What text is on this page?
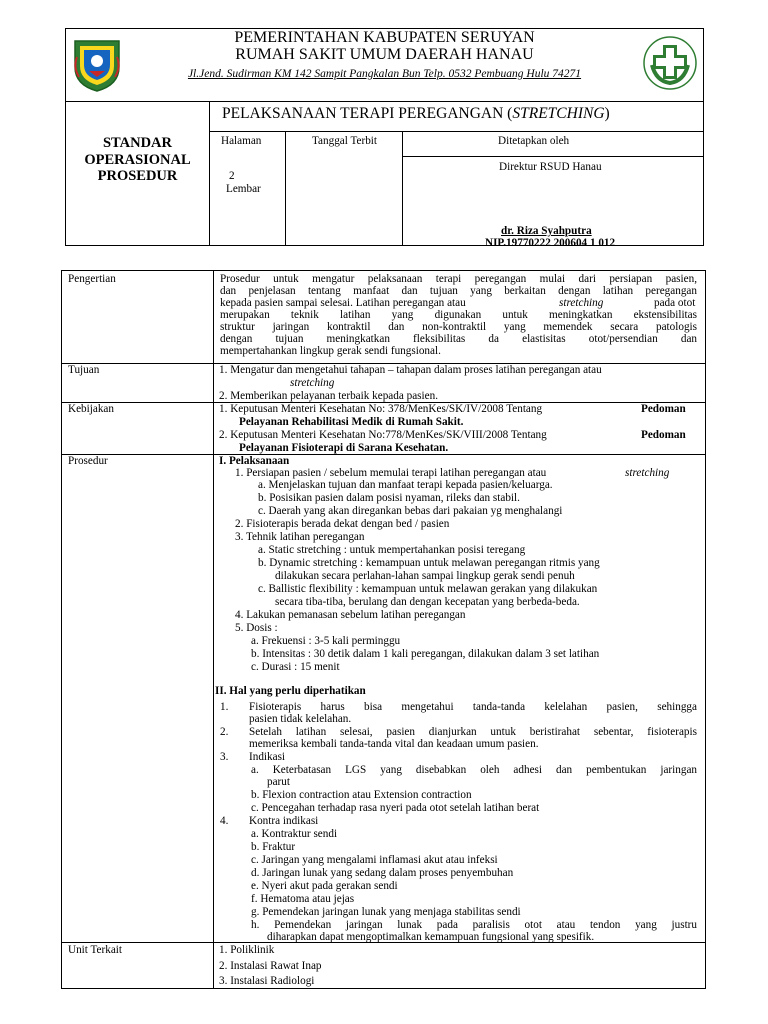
PEMERINTAHAN KABUPATEN SERUYAN
RUMAH SAKIT UMUM DAERAH HANAU
Jl.Jend. Sudirman KM 142 Sampit Pangkalan Bun Telp. 0532 Pembuang Hulu 74271
STANDAR
OPERASIONAL
PROSEDUR
PELAKSANAAN TERAPI PEREGANGAN (STRETCHING)
Halaman
2
Lembar
Tanggal Terbit	Ditetapkan oleh
Direktur RSUD Hanau
dr. Riza Syahputra
NIP.19770222 200604 1 012
Pengertian	Prosedur untuk mengatur pelaksanaan terapi peregangan mulai dari persiapan pasien,
dan penjelasan tentang manfaat dan tujuan yang berkaitan dengan latihan peregangan
kepada pasien sampai selesai. Latihan peregangan atau	stretching	pada otot
merupakan teknik latihan yang digunakan untuk meningkatkan ekstensibilitas
struktur jaringan kontraktil dan non-kontraktil yang memendek secara patologis
dengan tujuan meningkatkan fleksibilitas da elastisitas otot/persendian dan
mempertahankan lingkup gerak sendi fungsional.
Tujuan	1. Mengatur dan mengetahui tahapan – tahapan dalam proses latihan peregangan atau
stretching
2. Memberikan pelayanan terbaik kepada pasien.
Kebijakan	1. Keputusan Menteri Kesehatan No: 378/MenKes/SK/IV/2008 Tentang	Pedoman
Pelayanan Rehabilitasi Medik di Rumah Sakit.
2. Keputusan Menteri Kesehatan No:778/MenKes/SK/VIII/2008 Tentang	Pedoman
Pelayanan Fisioterapi di Sarana Kesehatan.
Prosedur	I. Pelaksanaan
1. Persiapan pasien / sebelum memulai terapi latihan peregangan atau	stretching
a. Menjelaskan tujuan dan manfaat terapi kepada pasien/keluarga.
b. Posisikan pasien dalam posisi nyaman, rileks dan stabil.
c. Daerah yang akan diregankan bebas dari pakaian yg menghalangi
2. Fisioterapis berada dekat dengan bed / pasien
3. Tehnik latihan peregangan
a. Static stretching : untuk mempertahankan posisi teregang
b. Dynamic stretching : kemampuan untuk melawan peregangan ritmis yang
dilakukan secara perlahan-lahan sampai lingkup gerak sendi penuh
c. Ballistic flexibility : kemampuan untuk melawan gerakan yang dilakukan
secara tiba-tiba, berulang dan dengan kecepatan yang berbeda-beda.
4. Lakukan pemanasan sebelum latihan peregangan
5. Dosis :
a. Frekuensi : 3-5 kali perminggu
b. Intensitas : 30 detik dalam 1 kali peregangan, dilakukan dalam 3 set latihan
c. Durasi : 15 menit
II. Hal yang perlu diperhatikan
1. Fisioterapis harus bisa mengetahui tanda-tanda kelelahan pasien, sehingga
pasien tidak kelelahan.
2. Setelah latihan selesai, pasien dianjurkan untuk beristirahat sebentar, fisioterapis
memeriksa kembali tanda-tanda vital dan keadaan umum pasien.
3. Indikasi
a. Keterbatasan LGS yang disebabkan oleh adhesi dan pembentukan jaringan
parut
b. Flexion contraction atau Extension contraction
c. Pencegahan terhadap rasa nyeri pada otot setelah latihan berat
4. Kontra indikasi
a. Kontraktur sendi
b. Fraktur
c. Jaringan yang mengalami inflamasi akut atau infeksi
d. Jaringan lunak yang sedang dalam proses penyembuhan
e. Nyeri akut pada gerakan sendi
f. Hematoma atau jejas
g. Pemendekan jaringan lunak yang menjaga stabilitas sendi
h. Pemendekan jaringan lunak pada paralisis otot atau tendon yang justru
diharapkan dapat mengoptimalkan kemampuan fungsional yang spesifik.
Unit Terkait	1. Poliklinik
2. Instalasi Rawat Inap
3. Instalasi Radiologi
